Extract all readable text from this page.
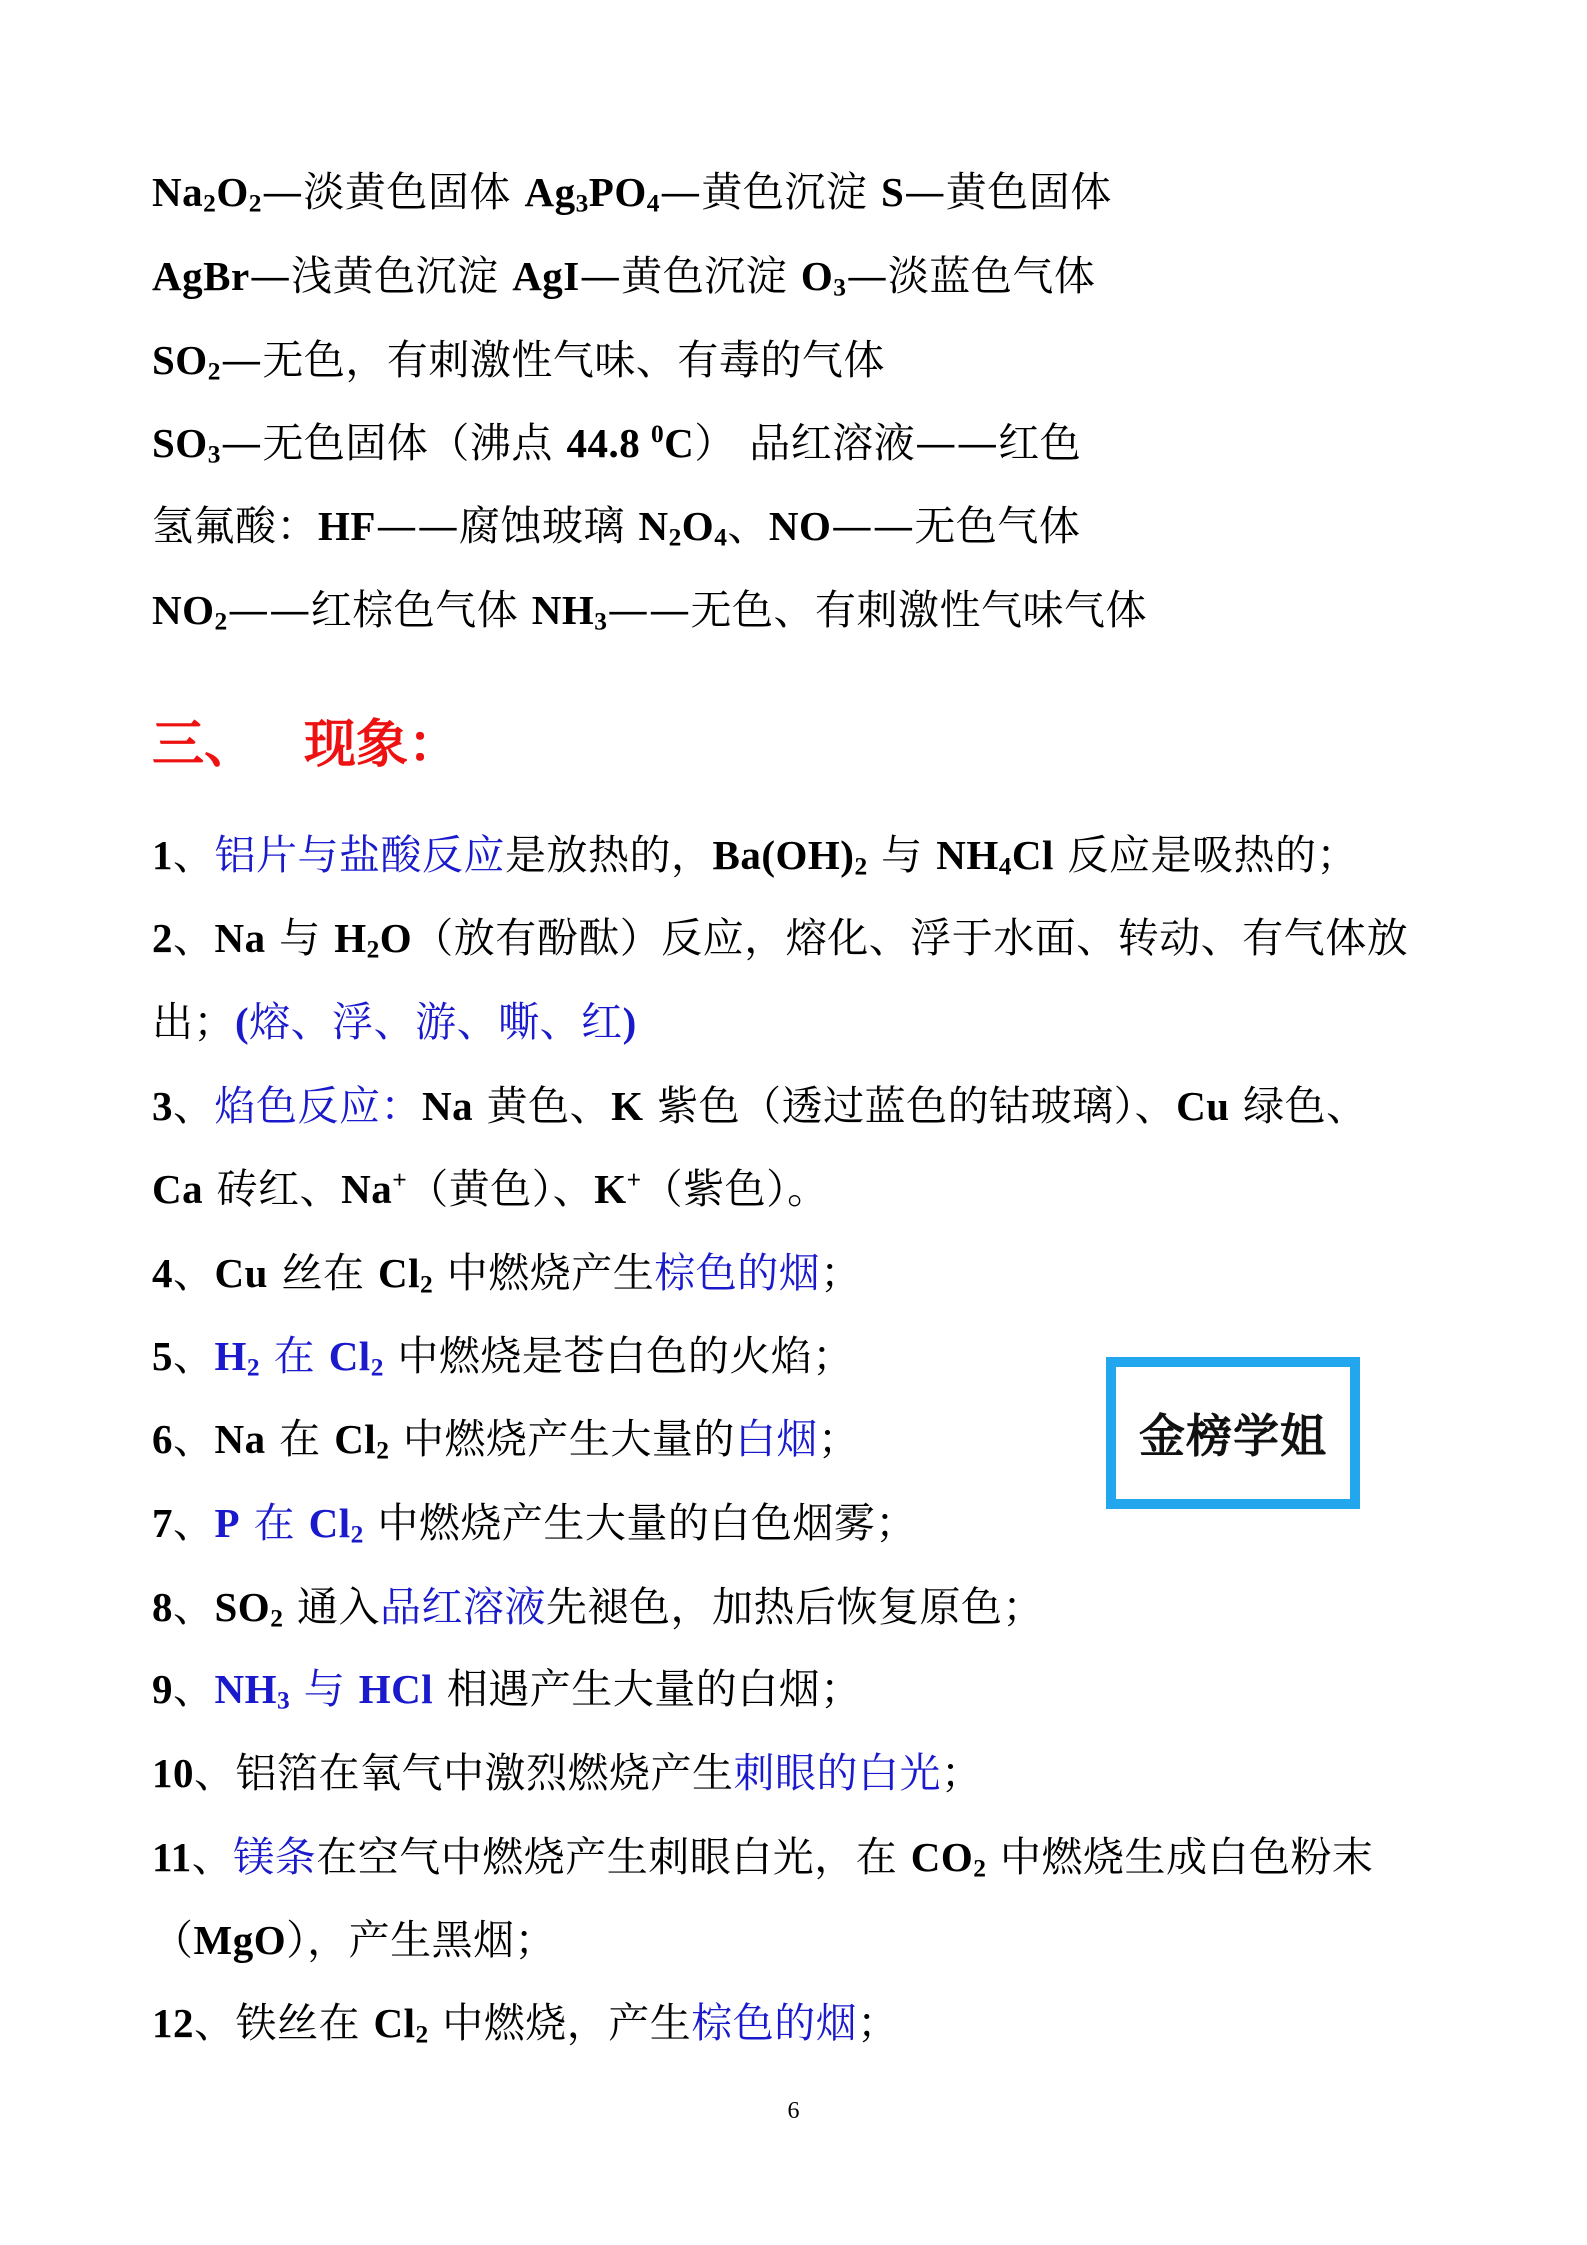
$Na_2O_2—$淡黄色固体 $Ag_3PO_4—$黄色沉淀 S—黄色固体

AgBr—浅黄色沉淀 AgI—黄色沉淀 $O_3—$淡蓝色气体

$SO_2—$无色，有刺激性气味、有毒的气体

$SO_3—$无色固体（沸点 44.8 $^0$C） 品红溶液——红色

氢氟酸：HF——腐蚀玻璃 $N_2O_4$、NO——无色气体

$NO_2——$红棕色气体 $NH_3——$无色、有刺激性气味气体

三、 现象：

1、铝片与盐酸反应是放热的，$Ba(OH)_2$ 与 $NH_4Cl$ 反应是吸热的；

2、Na 与 $H_2O$（放有酚酞）反应，熔化、浮于水面、转动、有气体放

出；(熔、浮、游、嘶、红)

3、焰色反应：Na 黄色、K 紫色（透过蓝色的钴玻璃）、Cu 绿色、

Ca 砖红、Na+（黄色）、K+（紫色）。

4、Cu 丝在 $Cl_2$ 中燃烧产生棕色的烟；

5、$H_2$ 在 $Cl_2$ 中燃烧是苍白色的火焰；

6、Na 在 $Cl_2$ 中燃烧产生大量的白烟；

7、P 在 $Cl_2$ 中燃烧产生大量的白色烟雾；

8、$SO_2$ 通入品红溶液先褪色，加热后恢复原色；

9、$NH_3$ 与 HCl 相遇产生大量的白烟；

10、铝箔在氧气中激烈燃烧产生刺眼的白光；

11、镁条在空气中燃烧产生刺眼白光，在 $CO_2$ 中燃烧生成白色粉末

（MgO），产生黑烟；

12、铁丝在 $Cl_2$ 中燃烧，产生棕色的烟；

金榜学姐
6
